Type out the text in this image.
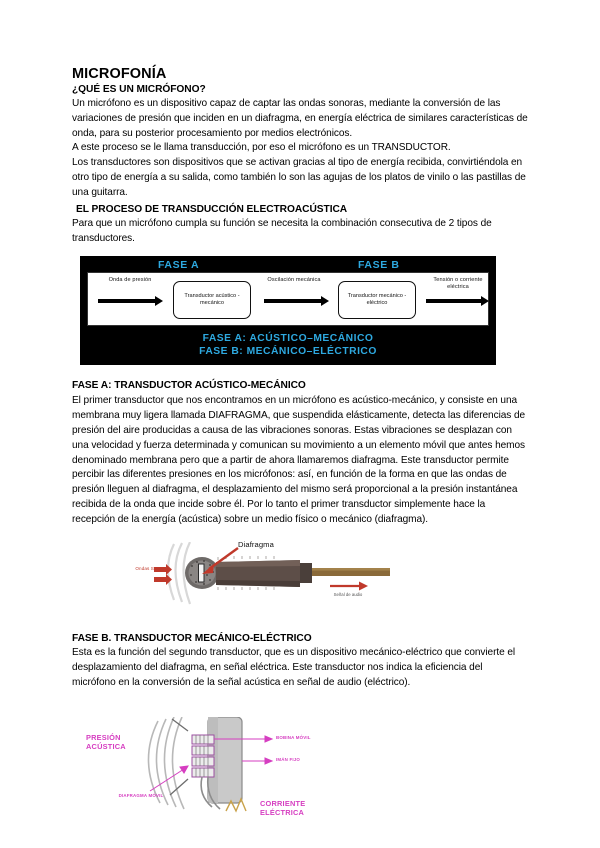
MICROFONÍA
¿QUÉ ES UN MICRÓFONO?

Un micrófono es un dispositivo capaz de captar las ondas sonoras, mediante la conversión de las variaciones de presión que inciden en un diafragma, en energía eléctrica de similares características de onda, para su posterior procesamiento por medios electrónicos.

A este proceso se le llama transducción, por eso el micrófono es un TRANSDUCTOR.

Los transductores son dispositivos que se activan gracias al tipo de energía recibida, convirtiéndola en otro tipo de energía a su salida, como también lo son las agujas de los platos de vinilo o las pastillas de una guitarra.

EL PROCESO DE TRANSDUCCIÓN ELECTROACÚSTICA

Para que un micrófono cumpla su función se necesita la combinación consecutiva de 2 tipos de transductores.

FASE A	FASE B
Onda de presión
Transductor acústico - mecánico
Oscilación mecánica
Transductor mecánico - eléctrico
Tensión o corriente eléctrica
FASE A: ACÚSTICO–MECÁNICO
FASE B: MECÁNICO–ELÉCTRICO
FASE A: TRANSDUCTOR ACÚSTICO-MECÁNICO

El primer transductor que nos encontramos en un micrófono es acústico-mecánico, y consiste en una membrana muy ligera llamada DIAFRAGMA, que suspendida elásticamente, detecta las diferencias de presión del aire producidas a causa de las vibraciones sonoras. Estas vibraciones se desplazan con una velocidad y fuerza determinada y comunican su movimiento a un elemento móvil que antes hemos denominado membrana pero que a partir de ahora llamaremos diafragma. Este transductor permite percibir las diferentes presiones en los micrófonos: así, en función de la forma en que las ondas de presión lleguen al diafragma, el desplazamiento del mismo será proporcional a la presión instantánea recibida de la onda que incide sobre él. Por lo tanto el primer transductor simplemente hace la recepción de la energía (acústica) sobre un medio físico o mecánico (diafragma).

Diafragma
Ondas Sonoras
Señal de audio
FASE B. TRANSDUCTOR MECÁNICO-ELÉCTRICO

Esta es la función del segundo transductor, que es un dispositivo mecánico-eléctrico que convierte el desplazamiento del diafragma, en señal eléctrica. Este transductor nos indica la eficiencia del micrófono en la conversión de la señal acústica en señal de audio (eléctrico).

PRESIÓN ACÚSTICA
DIAFRAGMA MÓVIL
BOBINA MÓVIL
IMÁN FIJO
CORRIENTE ELÉCTRICA
